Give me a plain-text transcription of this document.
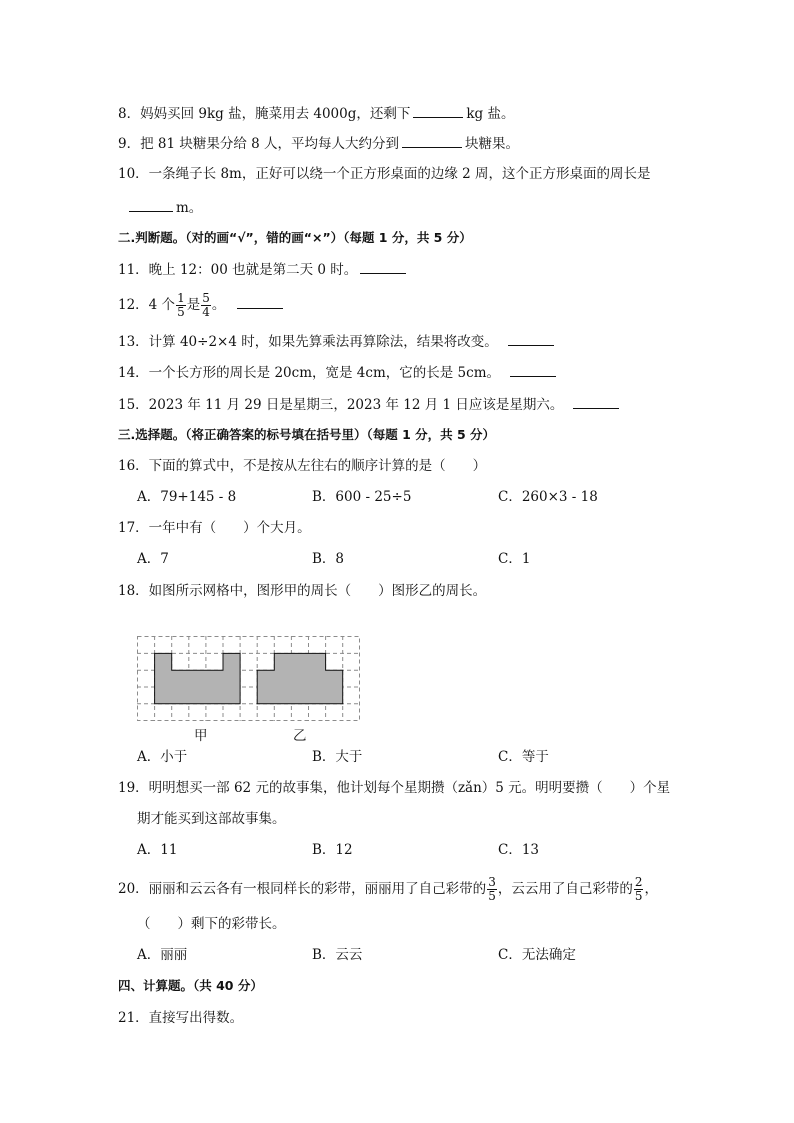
8．妈妈买回 9kg 盐，腌菜用去 4000g，还剩下	kg 盐。
9．把 81 块糖果分给 8 人，平均每人大约分到	块糖果。
10．一条绳子长 8m，正好可以绕一个正方形桌面的边缘 2 周，这个正方形桌面的周长是
m。
二.判断题。（对的画“√”，错的画“×”）（每题 1 分，共 5 分）
11．晚上 12：00 也就是第二天 0 时。
12．4 个 $\frac{1}{5}$ 是 $\frac{5}{4}$ 。
13．计算 40÷2×4 时，如果先算乘法再算除法，结果将改变。
14．一个长方形的周长是 20cm，宽是 4cm，它的长是 5cm。
15．2023 年 11 月 29 日是星期三，2023 年 12 月 1 日应该是星期六。
三.选择题。（将正确答案的标号填在括号里）（每题 1 分，共 5 分）
16．下面的算式中，不是按从左往右的顺序计算的是（　　）
A．79+145 - 8	B．600 - 25÷5	C．260×3 - 18
17．一年中有（　　）个大月。
A．7	B．8	C．1
18．如图所示网格中，图形甲的周长（　　）图形乙的周长。
甲	乙
A．小于	B．大于	C．等于
19．明明想买一部 62 元的故事集，他计划每个星期攒（zǎn）5 元。明明要攒（　　）个星
期才能买到这部故事集。
A．11	B．12	C．13
20．丽丽和云云各有一根同样长的彩带，丽丽用了自己彩带的 $\frac{3}{5}$ ，云云用了自己彩带的 $\frac{2}{5}$ ，
（　　）剩下的彩带长。
A．丽丽	B．云云	C．无法确定
四、计算题。（共 40 分）
21．直接写出得数。
